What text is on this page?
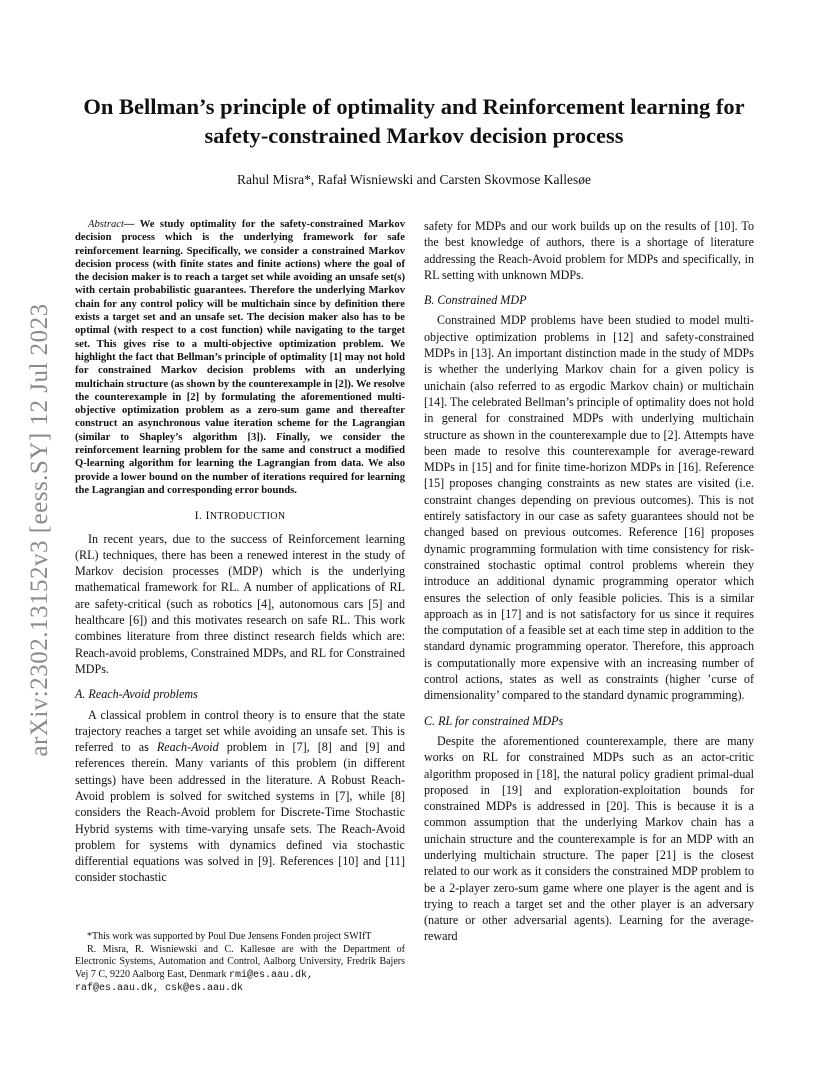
arXiv:2302.13152v3 [eess.SY] 12 Jul 2023
On Bellman’s principle of optimality and Reinforcement learning for safety-constrained Markov decision process
Rahul Misra*, Rafał Wisniewski and Carsten Skovmose Kallesøe

Abstract— We study optimality for the safety-constrained Markov decision process which is the underlying framework for safe reinforcement learning. Specifically, we consider a constrained Markov decision process (with finite states and finite actions) where the goal of the decision maker is to reach a target set while avoiding an unsafe set(s) with certain probabilistic guarantees. Therefore the underlying Markov chain for any control policy will be multichain since by definition there exists a target set and an unsafe set. The decision maker also has to be optimal (with respect to a cost function) while navigating to the target set. This gives rise to a multi-objective optimization problem. We highlight the fact that Bellman’s principle of optimality [1] may not hold for constrained Markov decision problems with an underlying multichain structure (as shown by the counterexample in [2]). We resolve the counterexample in [2] by formulating the aforementioned multi-objective optimization problem as a zero-sum game and thereafter construct an asynchronous value iteration scheme for the Lagrangian (similar to Shapley’s algorithm [3]). Finally, we consider the reinforcement learning problem for the same and construct a modified Q-learning algorithm for learning the Lagrangian from data. We also provide a lower bound on the number of iterations required for learning the Lagrangian and corresponding error bounds.

I. INTRODUCTION

In recent years, due to the success of Reinforcement learning (RL) techniques, there has been a renewed interest in the study of Markov decision processes (MDP) which is the underlying mathematical framework for RL. A number of applications of RL are safety-critical (such as robotics [4], autonomous cars [5] and healthcare [6]) and this motivates research on safe RL. This work combines literature from three distinct research fields which are: Reach-avoid problems, Constrained MDPs, and RL for Constrained MDPs.

A. Reach-Avoid problems

A classical problem in control theory is to ensure that the state trajectory reaches a target set while avoiding an unsafe set. This is referred to as Reach-Avoid problem in [7], [8] and [9] and references therein. Many variants of this problem (in different settings) have been addressed in the literature. A Robust Reach-Avoid problem is solved for switched systems in [7], while [8] considers the Reach-Avoid problem for Discrete-Time Stochastic Hybrid systems with time-varying unsafe sets. The Reach-Avoid problem for systems with dynamics defined via stochastic differential equations was solved in [9]. References [10] and [11] consider stochastic

*This work was supported by Poul Due Jensens Fonden project SWIfT

R. Misra, R. Wisniewski and C. Kallesøe are with the Department of Electronic Systems, Automation and Control, Aalborg University, Fredrik Bajers Vej 7 C, 9220 Aalborg East, Denmark rmi@es.aau.dk,
raf@es.aau.dk, csk@es.aau.dk

safety for MDPs and our work builds up on the results of [10]. To the best knowledge of authors, there is a shortage of literature addressing the Reach-Avoid problem for MDPs and specifically, in RL setting with unknown MDPs.

B. Constrained MDP

Constrained MDP problems have been studied to model multi-objective optimization problems in [12] and safety-constrained MDPs in [13]. An important distinction made in the study of MDPs is whether the underlying Markov chain for a given policy is unichain (also referred to as ergodic Markov chain) or multichain [14]. The celebrated Bellman’s principle of optimality does not hold in general for constrained MDPs with underlying multichain structure as shown in the counterexample due to [2]. Attempts have been made to resolve this counterexample for average-reward MDPs in [15] and for finite time-horizon MDPs in [16]. Reference [15] proposes changing constraints as new states are visited (i.e. constraint changes depending on previous outcomes). This is not entirely satisfactory in our case as safety guarantees should not be changed based on previous outcomes. Reference [16] proposes dynamic programming formulation with time consistency for risk-constrained stochastic optimal control problems wherein they introduce an additional dynamic programming operator which ensures the selection of only feasible policies. This is a similar approach as in [17] and is not satisfactory for us since it requires the computation of a feasible set at each time step in addition to the standard dynamic programming operator. Therefore, this approach is computationally more expensive with an increasing number of control actions, states as well as constraints (higher ’curse of dimensionality’ compared to the standard dynamic programming).

C. RL for constrained MDPs

Despite the aforementioned counterexample, there are many works on RL for constrained MDPs such as an actor-critic algorithm proposed in [18], the natural policy gradient primal-dual proposed in [19] and exploration-exploitation bounds for constrained MDPs is addressed in [20]. This is because it is a common assumption that the underlying Markov chain has a unichain structure and the counterexample is for an MDP with an underlying multichain structure. The paper [21] is the closest related to our work as it considers the constrained MDP problem to be a 2-player zero-sum game where one player is the agent and is trying to reach a target set and the other player is an adversary (nature or other adversarial agents). Learning for the average-reward
